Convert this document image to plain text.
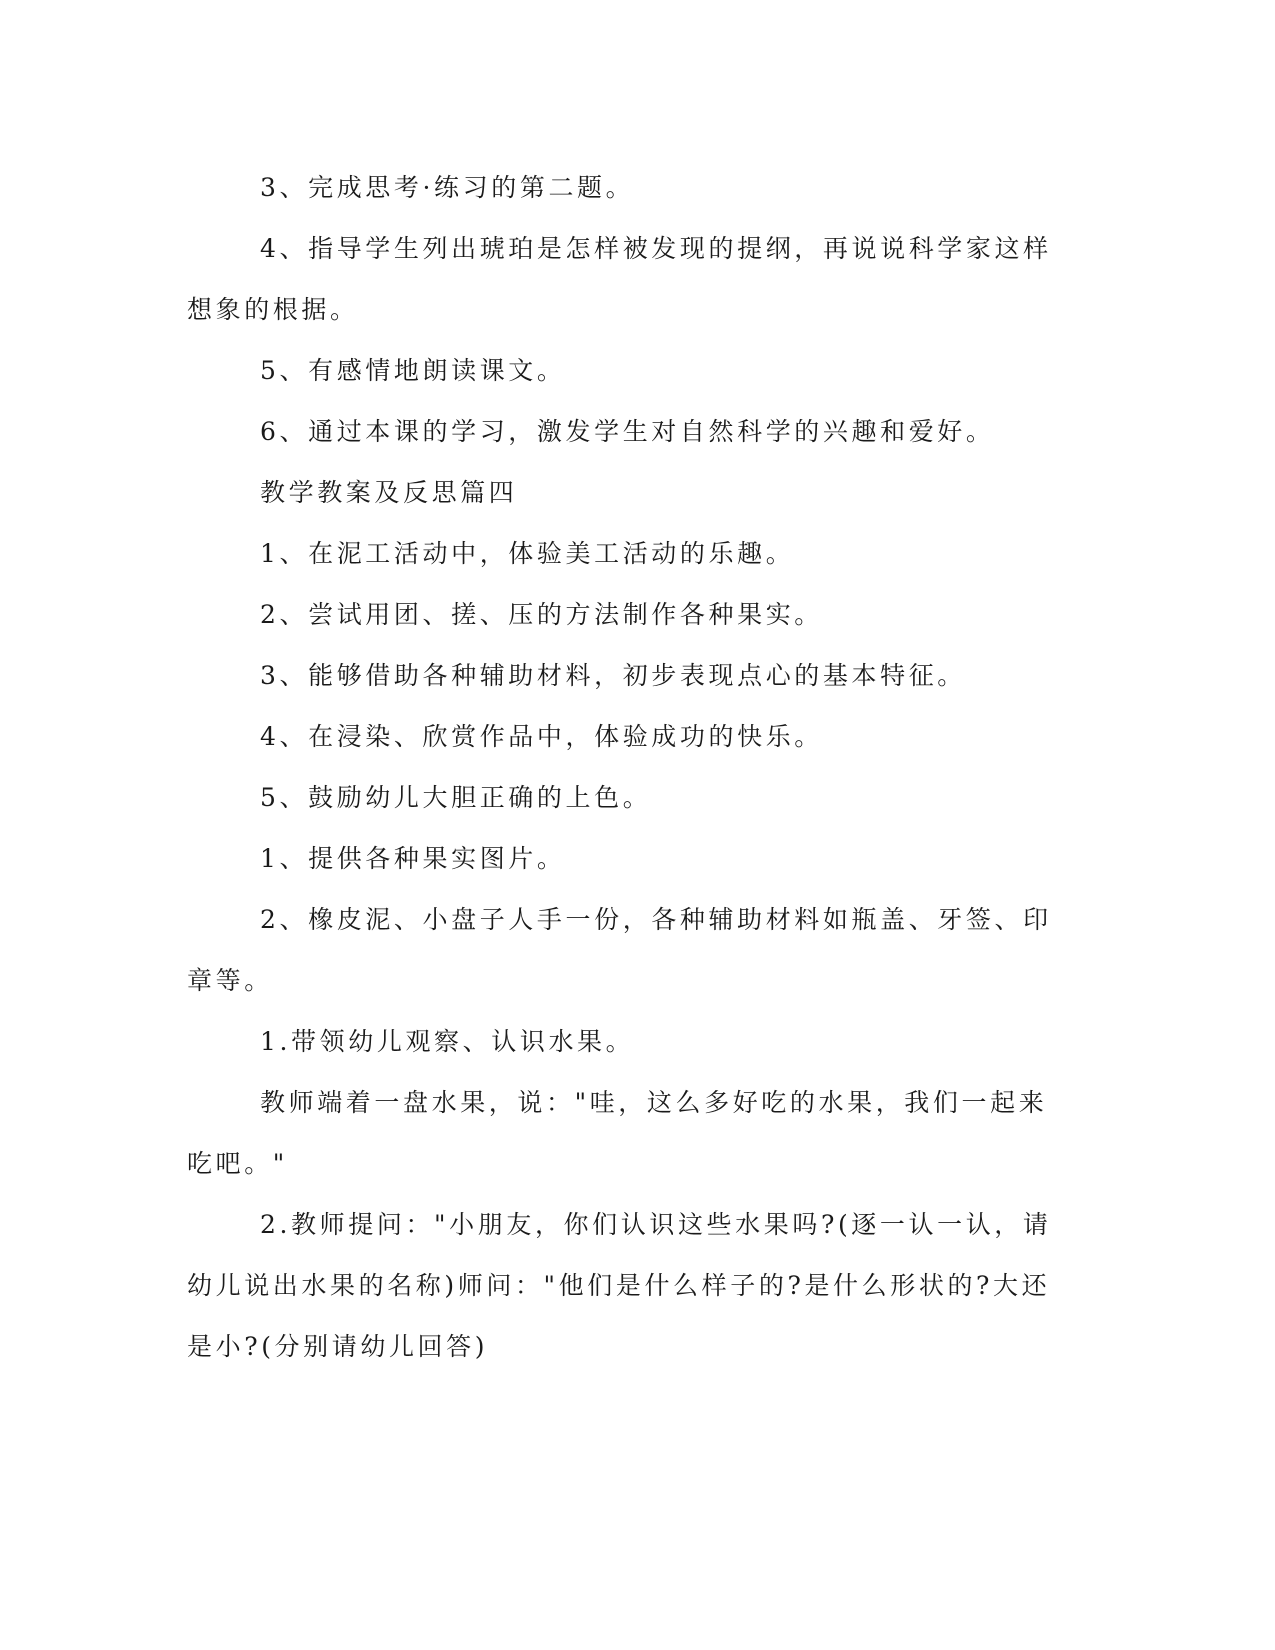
3、完成思考·练习的第二题。

4、指导学生列出琥珀是怎样被发现的提纲，再说说科学家这样想象的根据。

5、有感情地朗读课文。

6、通过本课的学习，激发学生对自然科学的兴趣和爱好。

教学教案及反思篇四

1、在泥工活动中，体验美工活动的乐趣。

2、尝试用团、搓、压的方法制作各种果实。

3、能够借助各种辅助材料，初步表现点心的基本特征。

4、在浸染、欣赏作品中，体验成功的快乐。

5、鼓励幼儿大胆正确的上色。

1、提供各种果实图片。

2、橡皮泥、小盘子人手一份，各种辅助材料如瓶盖、牙签、印章等。

1.带领幼儿观察、认识水果。

教师端着一盘水果，说："哇，这么多好吃的水果，我们一起来吃吧。"

2.教师提问："小朋友，你们认识这些水果吗?(逐一认一认，请幼儿说出水果的名称)师问："他们是什么样子的?是什么形状的?大还是小?(分别请幼儿回答)
